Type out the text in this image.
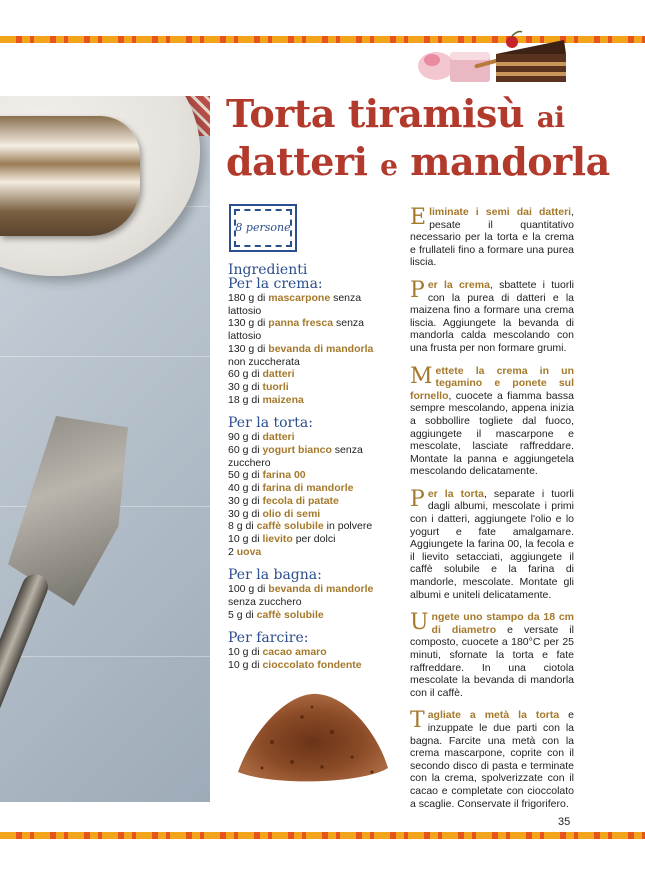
Torta tiramisù ai
datteri e mandorla
8 persone
Ingredienti
Per la crema:
180 g di mascarpone senza lattosio
130 g di panna fresca senza lattosio
130 g di bevanda di mandorla non zuccherata
60 g di datteri
30 g di tuorli
18 g di maizena
Per la torta:
90 g di datteri
60 g di yogurt bianco senza zucchero
50 g di farina 00
40 g di farina di mandorle
30 g di fecola di patate
30 g di olio di semi
8 g di caffè solubile in polvere
10 g di lievito per dolci
2 uova
Per la bagna:
100 g di bevanda di mandorle senza zucchero
5 g di caffè solubile
Per farcire:
10 g di cacao amaro
10 g di cioccolato fondente

Eliminate i semi dai datteri, pesate il quantitativo necessario per la torta e la crema e frullateli fino a formare una purea liscia.

Per la crema, sbattete i tuorli con la purea di datteri e la maizena fino a formare una crema liscia. Aggiungete la bevanda di mandorla calda mescolando con una frusta per non formare grumi.

Mettete la crema in un tegamino e ponete sul fornello, cuocete a fiamma bassa sempre mescolando, appena inizia a sobbollire togliete dal fuoco, aggiungete il mascarpone e mescolate, lasciate raffreddare. Montate la panna e aggiungetela mescolando delicatamente.

Per la torta, separate i tuorli dagli albumi, mescolate i primi con i datteri, aggiungete l'olio e lo yogurt e fate amalgamare. Aggiungete la farina 00, la fecola e il lievito setacciati, aggiungete il caffè solubile e la farina di mandorle, mescolate. Montate gli albumi e uniteli delicatamente.

Ungete uno stampo da 18 cm di diametro e versate il composto, cuocete a 180°C per 25 minuti, sfornate la torta e fate raffreddare. In una ciotola mescolate la bevanda di mandorla con il caffè.

Tagliate a metà la torta e inzuppate le due parti con la bagna. Farcite una metà con la crema mascarpone, coprite con il secondo disco di pasta e terminate con la crema, spolverizzate con il cacao e completate con cioccolato a scaglie. Conservate il frigorifero.

35
